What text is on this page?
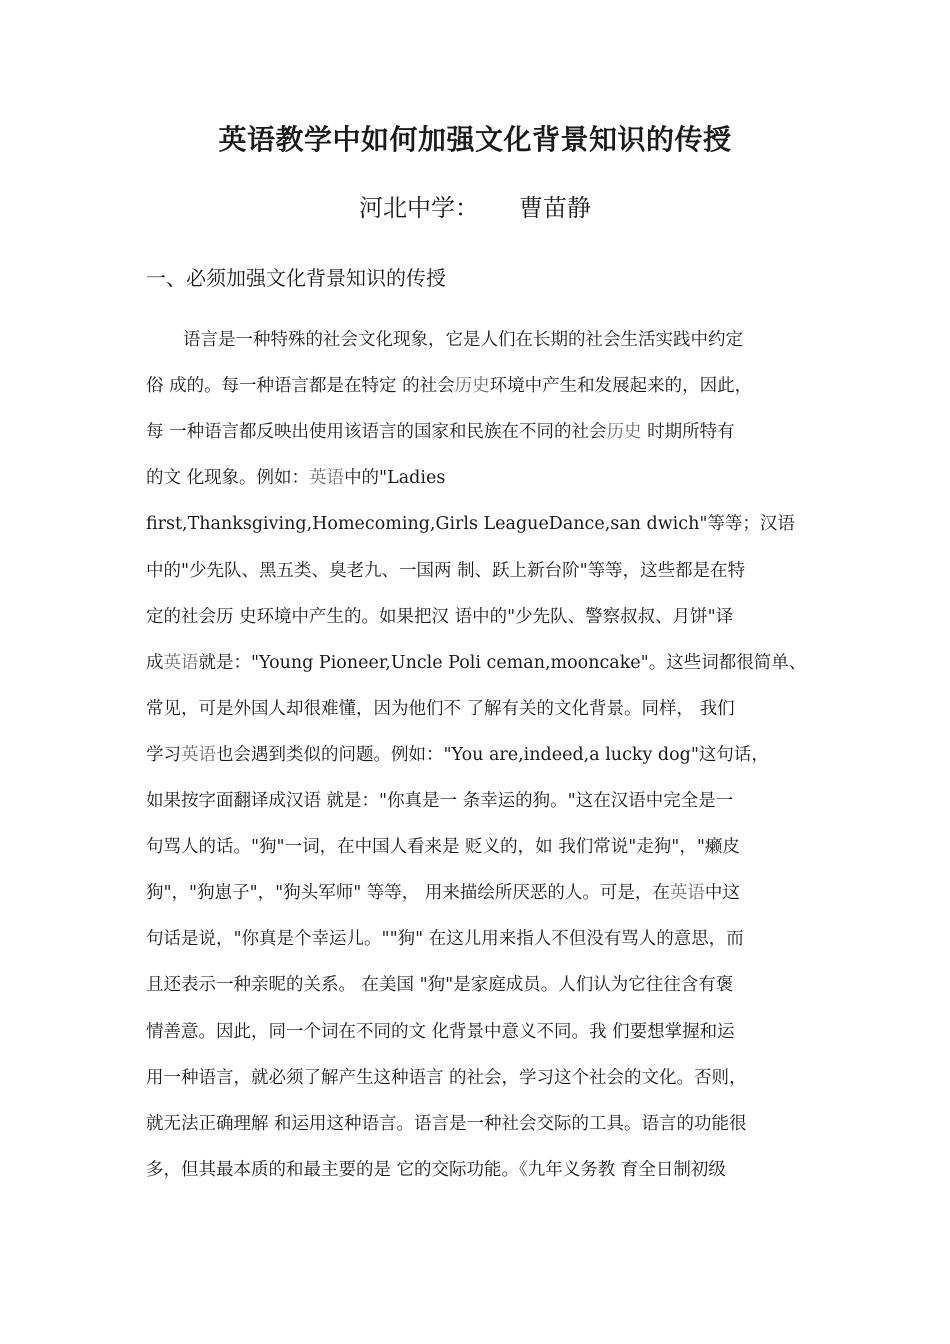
英语教学中如何加强文化背景知识的传授
河北中学： 曹苗静
一、必须加强文化背景知识的传授
语言是一种特殊的社会文化现象，它是人们在长期的社会生活实践中约定
俗 成的。每一种语言都是在特定 的社会历史环境中产生和发展起来的，因此，
每 一种语言都反映出使用该语言的国家和民族在不同的社会历史 时期所特有
的文 化现象。例如：英语中的"Ladies
first,Thanksgiving,Homecoming,Girls LeagueDance,san dwich"等等；汉语
中的"少先队、黑五类、臭老九、一国两 制、跃上新台阶"等等，这些都是在特
定的社会历 史环境中产生的。如果把汉 语中的"少先队、警察叔叔、月饼"译
成英语就是："Young Pioneer,Uncle Poli ceman,mooncake"。这些词都很简单、
常见，可是外国人却很难懂，因为他们不 了解有关的文化背景。同样， 我们
学习英语也会遇到类似的问题。例如："You are,indeed,a lucky dog"这句话，
如果按字面翻译成汉语 就是："你真是一 条幸运的狗。"这在汉语中完全是一
句骂人的话。"狗"一词，在中国人看来是 贬义的，如 我们常说"走狗"，"癞皮
狗"，"狗崽子"，"狗头军师" 等等， 用来描绘所厌恶的人。可是，在英语中这
句话是说，"你真是个幸运儿。""狗" 在这儿用来指人不但没有骂人的意思，而
且还表示一种亲昵的关系。 在美国 "狗"是家庭成员。人们认为它往往含有褒
情善意。因此，同一个词在不同的文 化背景中意义不同。我 们要想掌握和运
用一种语言，就必须了解产生这种语言 的社会，学习这个社会的文化。否则，
就无法正确理解 和运用这种语言。语言是一种社会交际的工具。语言的功能很
多，但其最本质的和最主要的是 它的交际功能。《九年义务教 育全日制初级
